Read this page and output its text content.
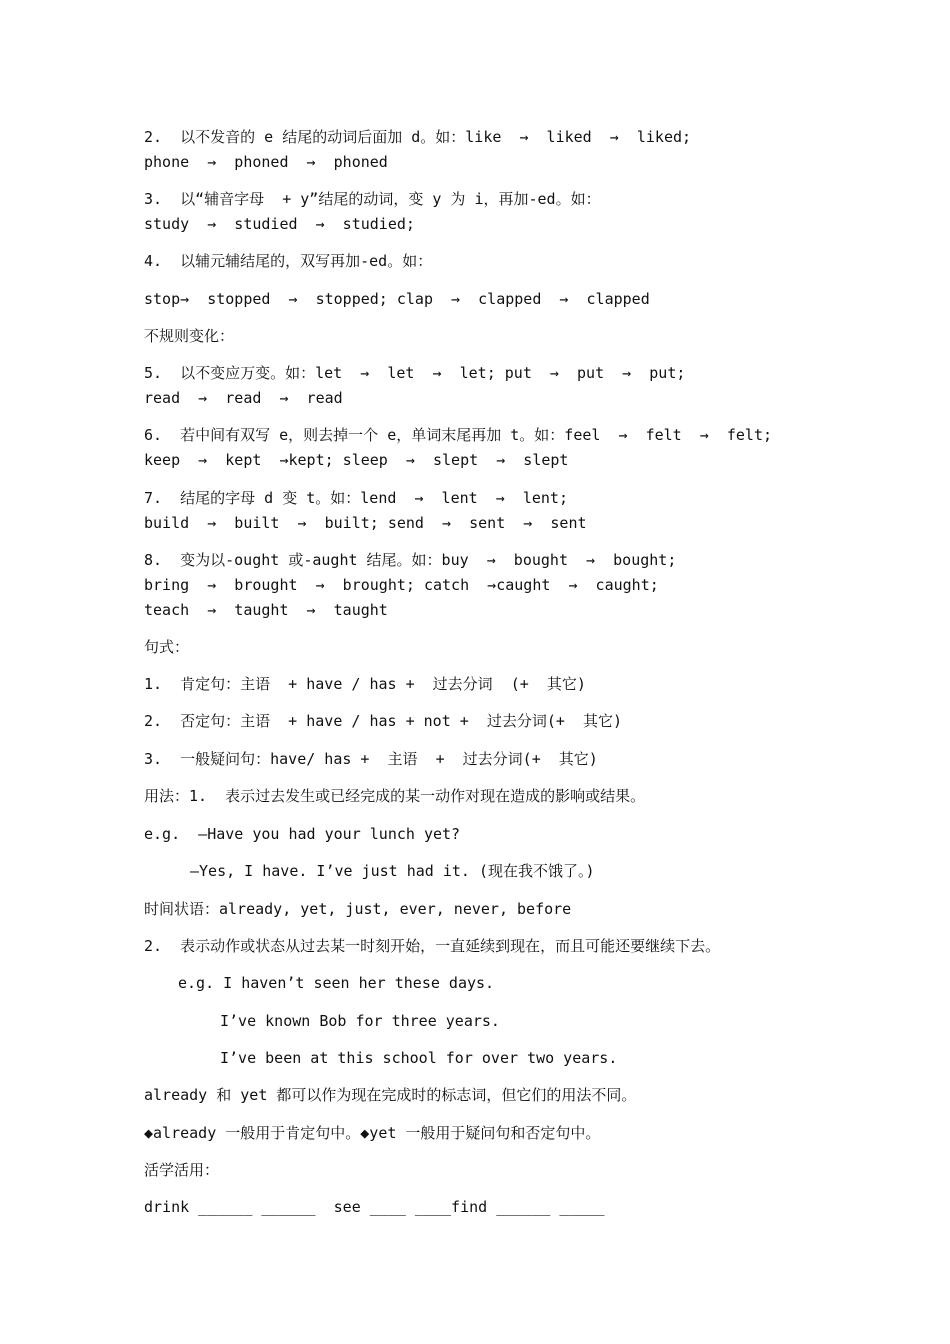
2.  以不发音的 e 结尾的动词后面加 d。如：like  →  liked  →  liked;
phone  →  phoned  →  phoned
3.  以“辅音字母  + y”结尾的动词，变 y 为 i，再加-ed。如：
study  →  studied  →  studied;
4.  以辅元辅结尾的，双写再加-ed。如：
stop→  stopped  →  stopped; clap  →  clapped  →  clapped
不规则变化：
5.  以不变应万变。如：let  →  let  →  let; put  →  put  →  put;
read  →  read  →  read
6.  若中间有双写 e，则去掉一个 e，单词末尾再加 t。如：feel  →  felt  →  felt;
keep  →  kept  →kept; sleep  →  slept  →  slept
7.  结尾的字母 d 变 t。如：lend  →  lent  →  lent;
build  →  built  →  built; send  →  sent  →  sent
8.  变为以-ought 或-aught 结尾。如：buy  →  bought  →  bought;
bring  →  brought  →  brought; catch  →caught  →  caught;
teach  →  taught  →  taught
句式：
1.  肯定句：主语  + have / has +  过去分词  (+  其它)
2.  否定句：主语  + have / has + not +  过去分词(+  其它)
3.  一般疑问句：have/ has +  主语  +  过去分词(+  其它)
用法：1.  表示过去发生或已经完成的某一动作对现在造成的影响或结果。
e.g.  –Have you had your lunch yet?
–Yes, I have. I’ve just had it. (现在我不饿了。)
时间状语：already, yet, just, ever, never, before
2.  表示动作或状态从过去某一时刻开始，一直延续到现在，而且可能还要继续下去。
e.g. I haven’t seen her these days.
I’ve known Bob for three years.
I’ve been at this school for over two years.
already 和 yet 都可以作为现在完成时的标志词，但它们的用法不同。
◆already 一般用于肯定句中。◆yet 一般用于疑问句和否定句中。
活学活用：
drink ______ ______  see ____ ____find ______ _____
